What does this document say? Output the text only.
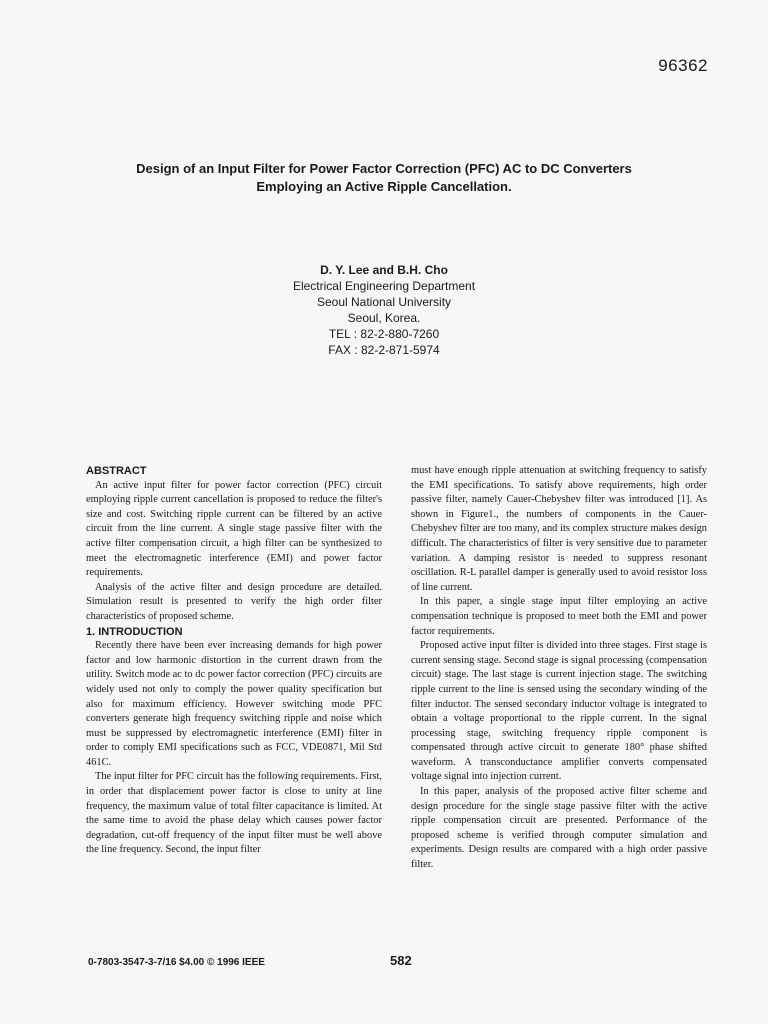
96362
Design of an Input Filter for Power Factor Correction (PFC) AC to DC Converters
Employing an Active Ripple Cancellation.
D. Y. Lee and B.H. Cho
Electrical Engineering Department
Seoul National University
Seoul, Korea.
TEL : 82-2-880-7260
FAX : 82-2-871-5974

ABSTRACT

An active input filter for power factor correction (PFC) circuit employing ripple current cancellation is proposed to reduce the filter's size and cost. Switching ripple current can be filtered by an active circuit from the line current. A single stage passive filter with the active filter compensation circuit, a high filter can be synthesized to meet the electromagnetic interference (EMI) and power factor requirements.

Analysis of the active filter and design procedure are detailed. Simulation result is presented to verify the high order filter characteristics of proposed scheme.

1. INTRODUCTION

Recently there have been ever increasing demands for high power factor and low harmonic distortion in the current drawn from the utility. Switch mode ac to dc power factor correction (PFC) circuits are widely used not only to comply the power quality specification but also for maximum efficiency. However switching mode PFC converters generate high frequency switching ripple and noise which must be suppressed by electromagnetic interference (EMI) filter in order to comply EMI specifications such as FCC, VDE0871, Mil Std 461C.

The input filter for PFC circuit has the following requirements. First, in order that displacement power factor is close to unity at line frequency, the maximum value of total filter capacitance is limited. At the same time to avoid the phase delay which causes power factor degradation, cut-off frequency of the input filter must be well above the line frequency. Second, the input filter

must have enough ripple attenuation at switching frequency to satisfy the EMI specifications. To satisfy above requirements, high order passive filter, namely Cauer-Chebyshev filter was introduced [1]. As shown in Figure1., the numbers of components in the Cauer-Chebyshev filter are too many, and its complex structure makes design difficult. The characteristics of filter is very sensitive due to parameter variation. A damping resistor is needed to suppress resonant oscillation. R-L parallel damper is generally used to avoid resistor loss of line current.

In this paper, a single stage input filter employing an active compensation technique is proposed to meet both the EMI and power factor requirements.

Proposed active input filter is divided into three stages. First stage is current sensing stage. Second stage is signal processing (compensation circuit) stage. The last stage is current injection stage. The switching ripple current to the line is sensed using the secondary winding of the filter inductor. The sensed secondary inductor voltage is integrated to obtain a voltage proportional to the ripple current. In the signal processing stage, switching frequency ripple component is compensated through active circuit to generate 180° phase shifted waveform. A transconductance amplifier converts compensated voltage signal into injection current.

In this paper, analysis of the proposed active filter scheme and design procedure for the single stage passive filter with the active ripple compensation circuit are presented. Performance of the proposed scheme is verified through computer simulation and experiments. Design results are compared with a high order passive filter.

0-7803-3547-3-7/16 $4.00 © 1996 IEEE	582
